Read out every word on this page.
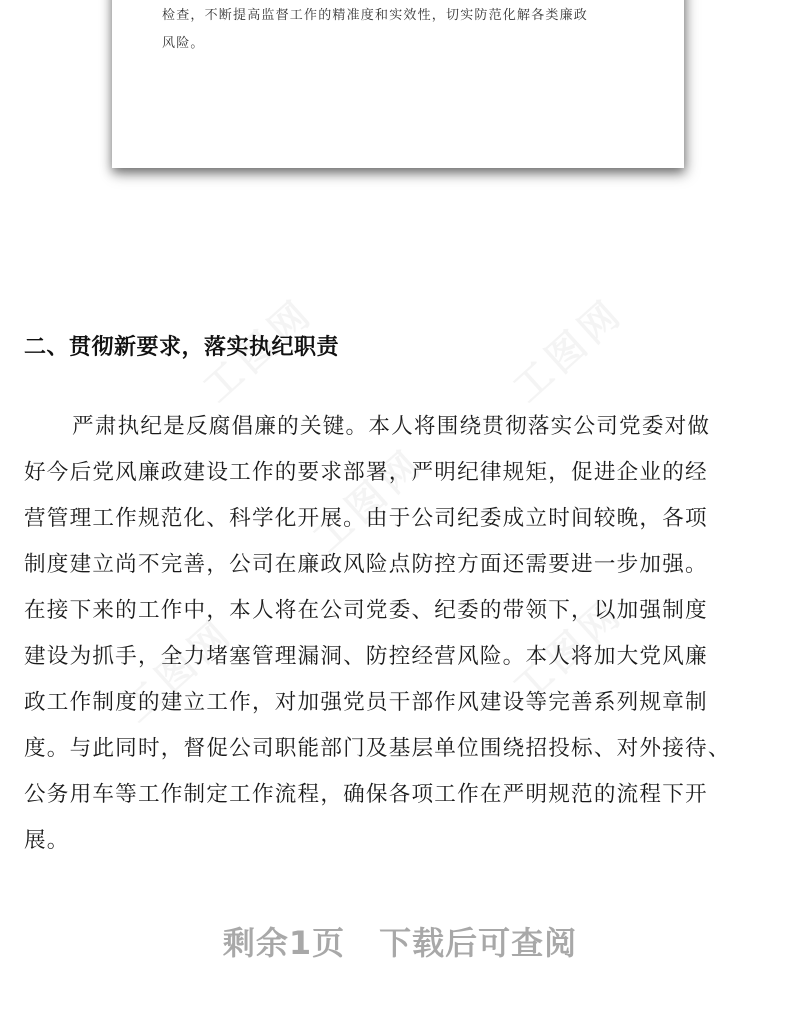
检查，不断提高监督工作的精准度和实效性，切实防范化解各类廉政

风险。

二、贯彻新要求，落实执纪职责
严肃执纪是反腐倡廉的关键。本人将围绕贯彻落实公司党委对做
好今后党风廉政建设工作的要求部署，严明纪律规矩，促进企业的经
营管理工作规范化、科学化开展。由于公司纪委成立时间较晚，各项
制度建立尚不完善，公司在廉政风险点防控方面还需要进一步加强。
在接下来的工作中，本人将在公司党委、纪委的带领下，以加强制度
建设为抓手，全力堵塞管理漏洞、防控经营风险。本人将加大党风廉
政工作制度的建立工作，对加强党员干部作风建设等完善系列规章制
度。与此同时，督促公司职能部门及基层单位围绕招投标、对外接待、
公务用车等工作制定工作流程，确保各项工作在严明规范的流程下开
展。
剩余1页 下载后可查阅
